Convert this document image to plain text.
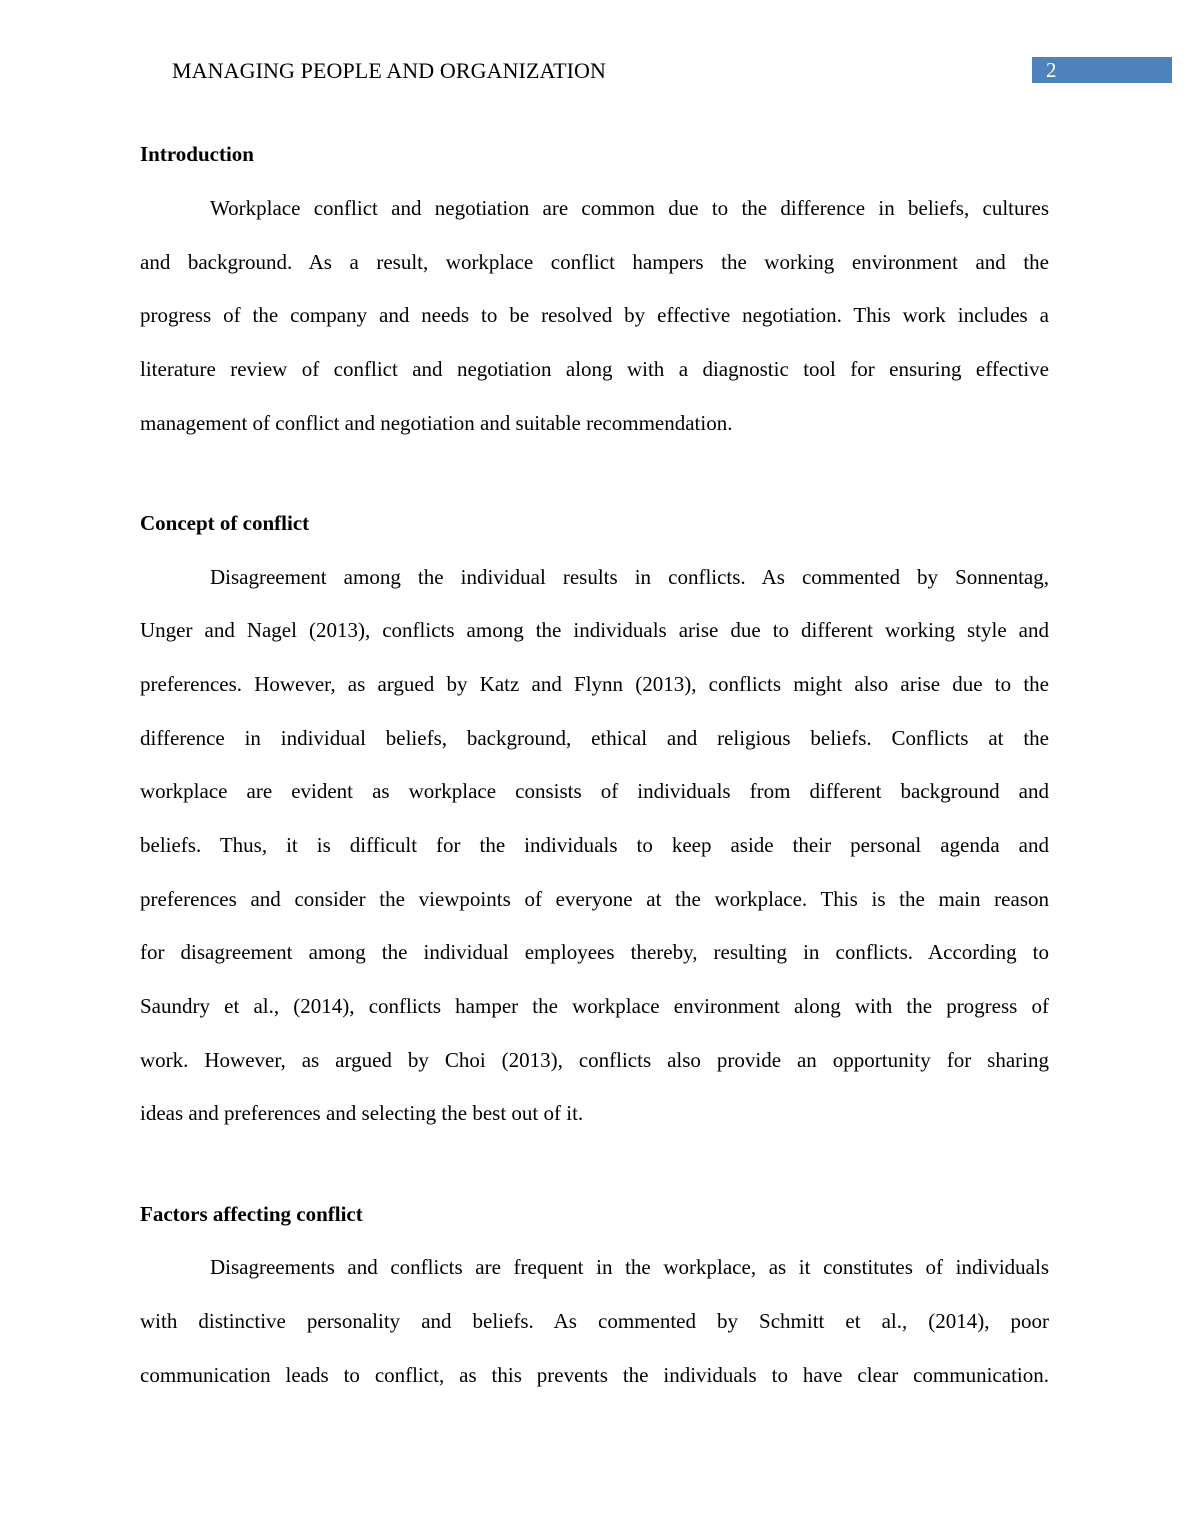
MANAGING PEOPLE AND ORGANIZATION	2
Introduction
Workplace conflict and negotiation are common due to the difference in beliefs, cultures
and background. As a result, workplace conflict hampers the working environment and the
progress of the company and needs to be resolved by effective negotiation. This work includes a
literature review of conflict and negotiation along with a diagnostic tool for ensuring effective
management of conflict and negotiation and suitable recommendation.
Concept of conflict
Disagreement among the individual results in conflicts. As commented by Sonnentag,
Unger and Nagel (2013), conflicts among the individuals arise due to different working style and
preferences. However, as argued by Katz and Flynn (2013), conflicts might also arise due to the
difference in individual beliefs, background, ethical and religious beliefs. Conflicts at the
workplace are evident as workplace consists of individuals from different background and
beliefs. Thus, it is difficult for the individuals to keep aside their personal agenda and
preferences and consider the viewpoints of everyone at the workplace. This is the main reason
for disagreement among the individual employees thereby, resulting in conflicts. According to
Saundry et al., (2014), conflicts hamper the workplace environment along with the progress of
work. However, as argued by Choi (2013), conflicts also provide an opportunity for sharing
ideas and preferences and selecting the best out of it.
Factors affecting conflict
Disagreements and conflicts are frequent in the workplace, as it constitutes of individuals
with distinctive personality and beliefs. As commented by Schmitt et al., (2014), poor
communication leads to conflict, as this prevents the individuals to have clear communication.
